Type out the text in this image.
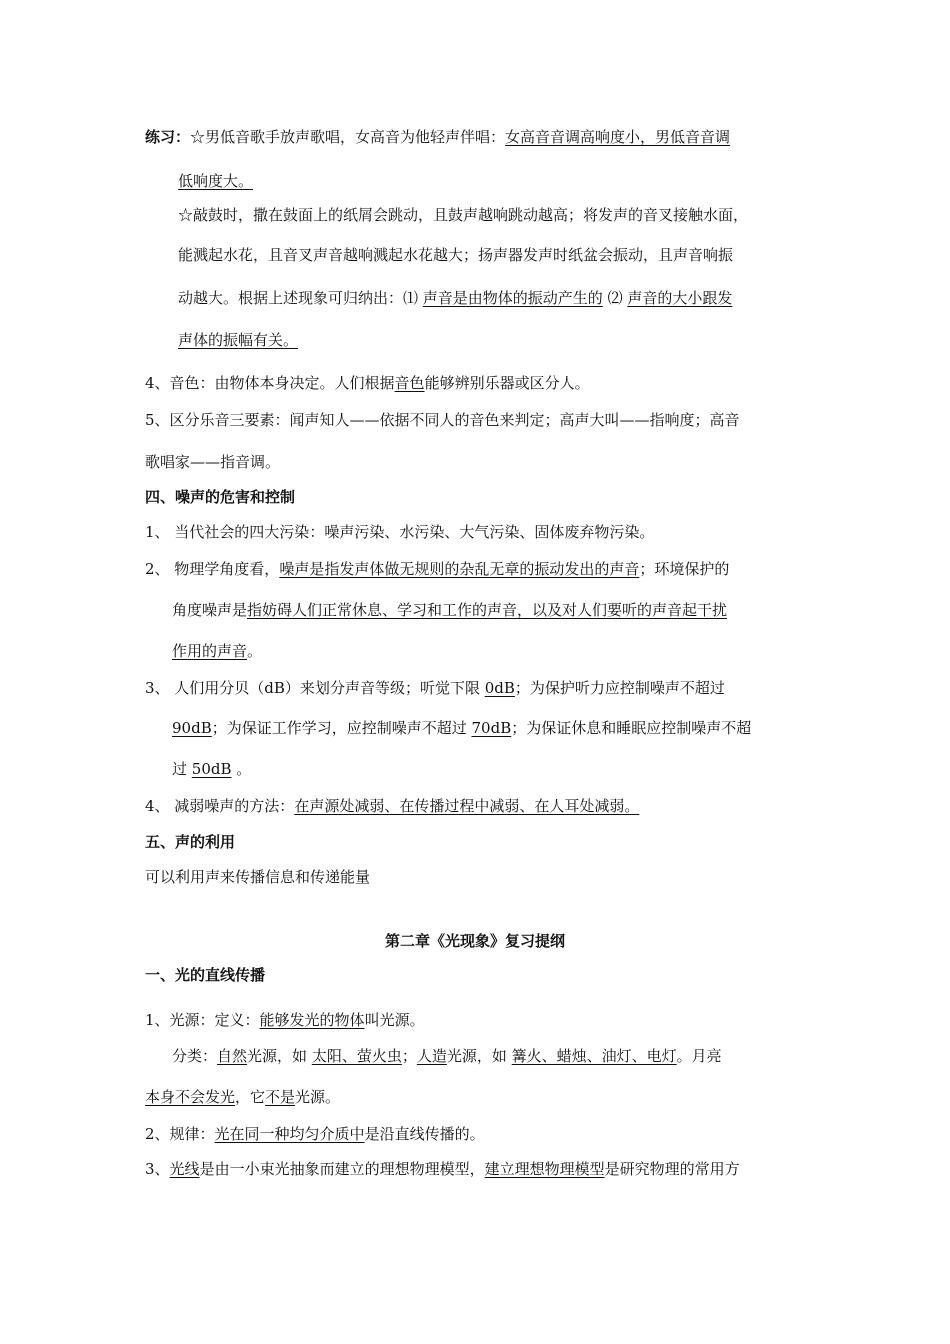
练习：☆男低音歌手放声歌唱，女高音为他轻声伴唱：女高音音调高响度小，男低音音调
低响度大。
☆敲鼓时，撒在鼓面上的纸屑会跳动，且鼓声越响跳动越高；将发声的音叉接触水面，
能溅起水花，且音叉声音越响溅起水花越大；扬声器发声时纸盆会振动，且声音响振
动越大。根据上述现象可归纳出：⑴ 声音是由物体的振动产生的 ⑵ 声音的大小跟发
声体的振幅有关。
4、音色：由物体本身决定。人们根据音色能够辨别乐器或区分人。
5、区分乐音三要素：闻声知人——依据不同人的音色来判定；高声大叫——指响度；高音
歌唱家——指音调。
四、噪声的危害和控制
1、 当代社会的四大污染：噪声污染、水污染、大气污染、固体废弃物污染。
2、 物理学角度看，噪声是指发声体做无规则的杂乱无章的振动发出的声音；环境保护的
角度噪声是指妨碍人们正常休息、学习和工作的声音，以及对人们要听的声音起干扰
作用的声音。
3、 人们用分贝（dB）来划分声音等级；听觉下限 0dB；为保护听力应控制噪声不超过
90dB；为保证工作学习，应控制噪声不超过 70dB；为保证休息和睡眠应控制噪声不超
过 50dB 。
4、 减弱噪声的方法：在声源处减弱、在传播过程中减弱、在人耳处减弱。
五、声的利用
可以利用声来传播信息和传递能量
第二章《光现象》复习提纲
一、光的直线传播
1、光源：定义：能够发光的物体叫光源。
分类：自然光源，如 太阳、萤火虫；人造光源，如 篝火、蜡烛、油灯、电灯。月亮
本身不会发光，它不是光源。
2、规律：光在同一种均匀介质中是沿直线传播的。
3、光线是由一小束光抽象而建立的理想物理模型，建立理想物理模型是研究物理的常用方
